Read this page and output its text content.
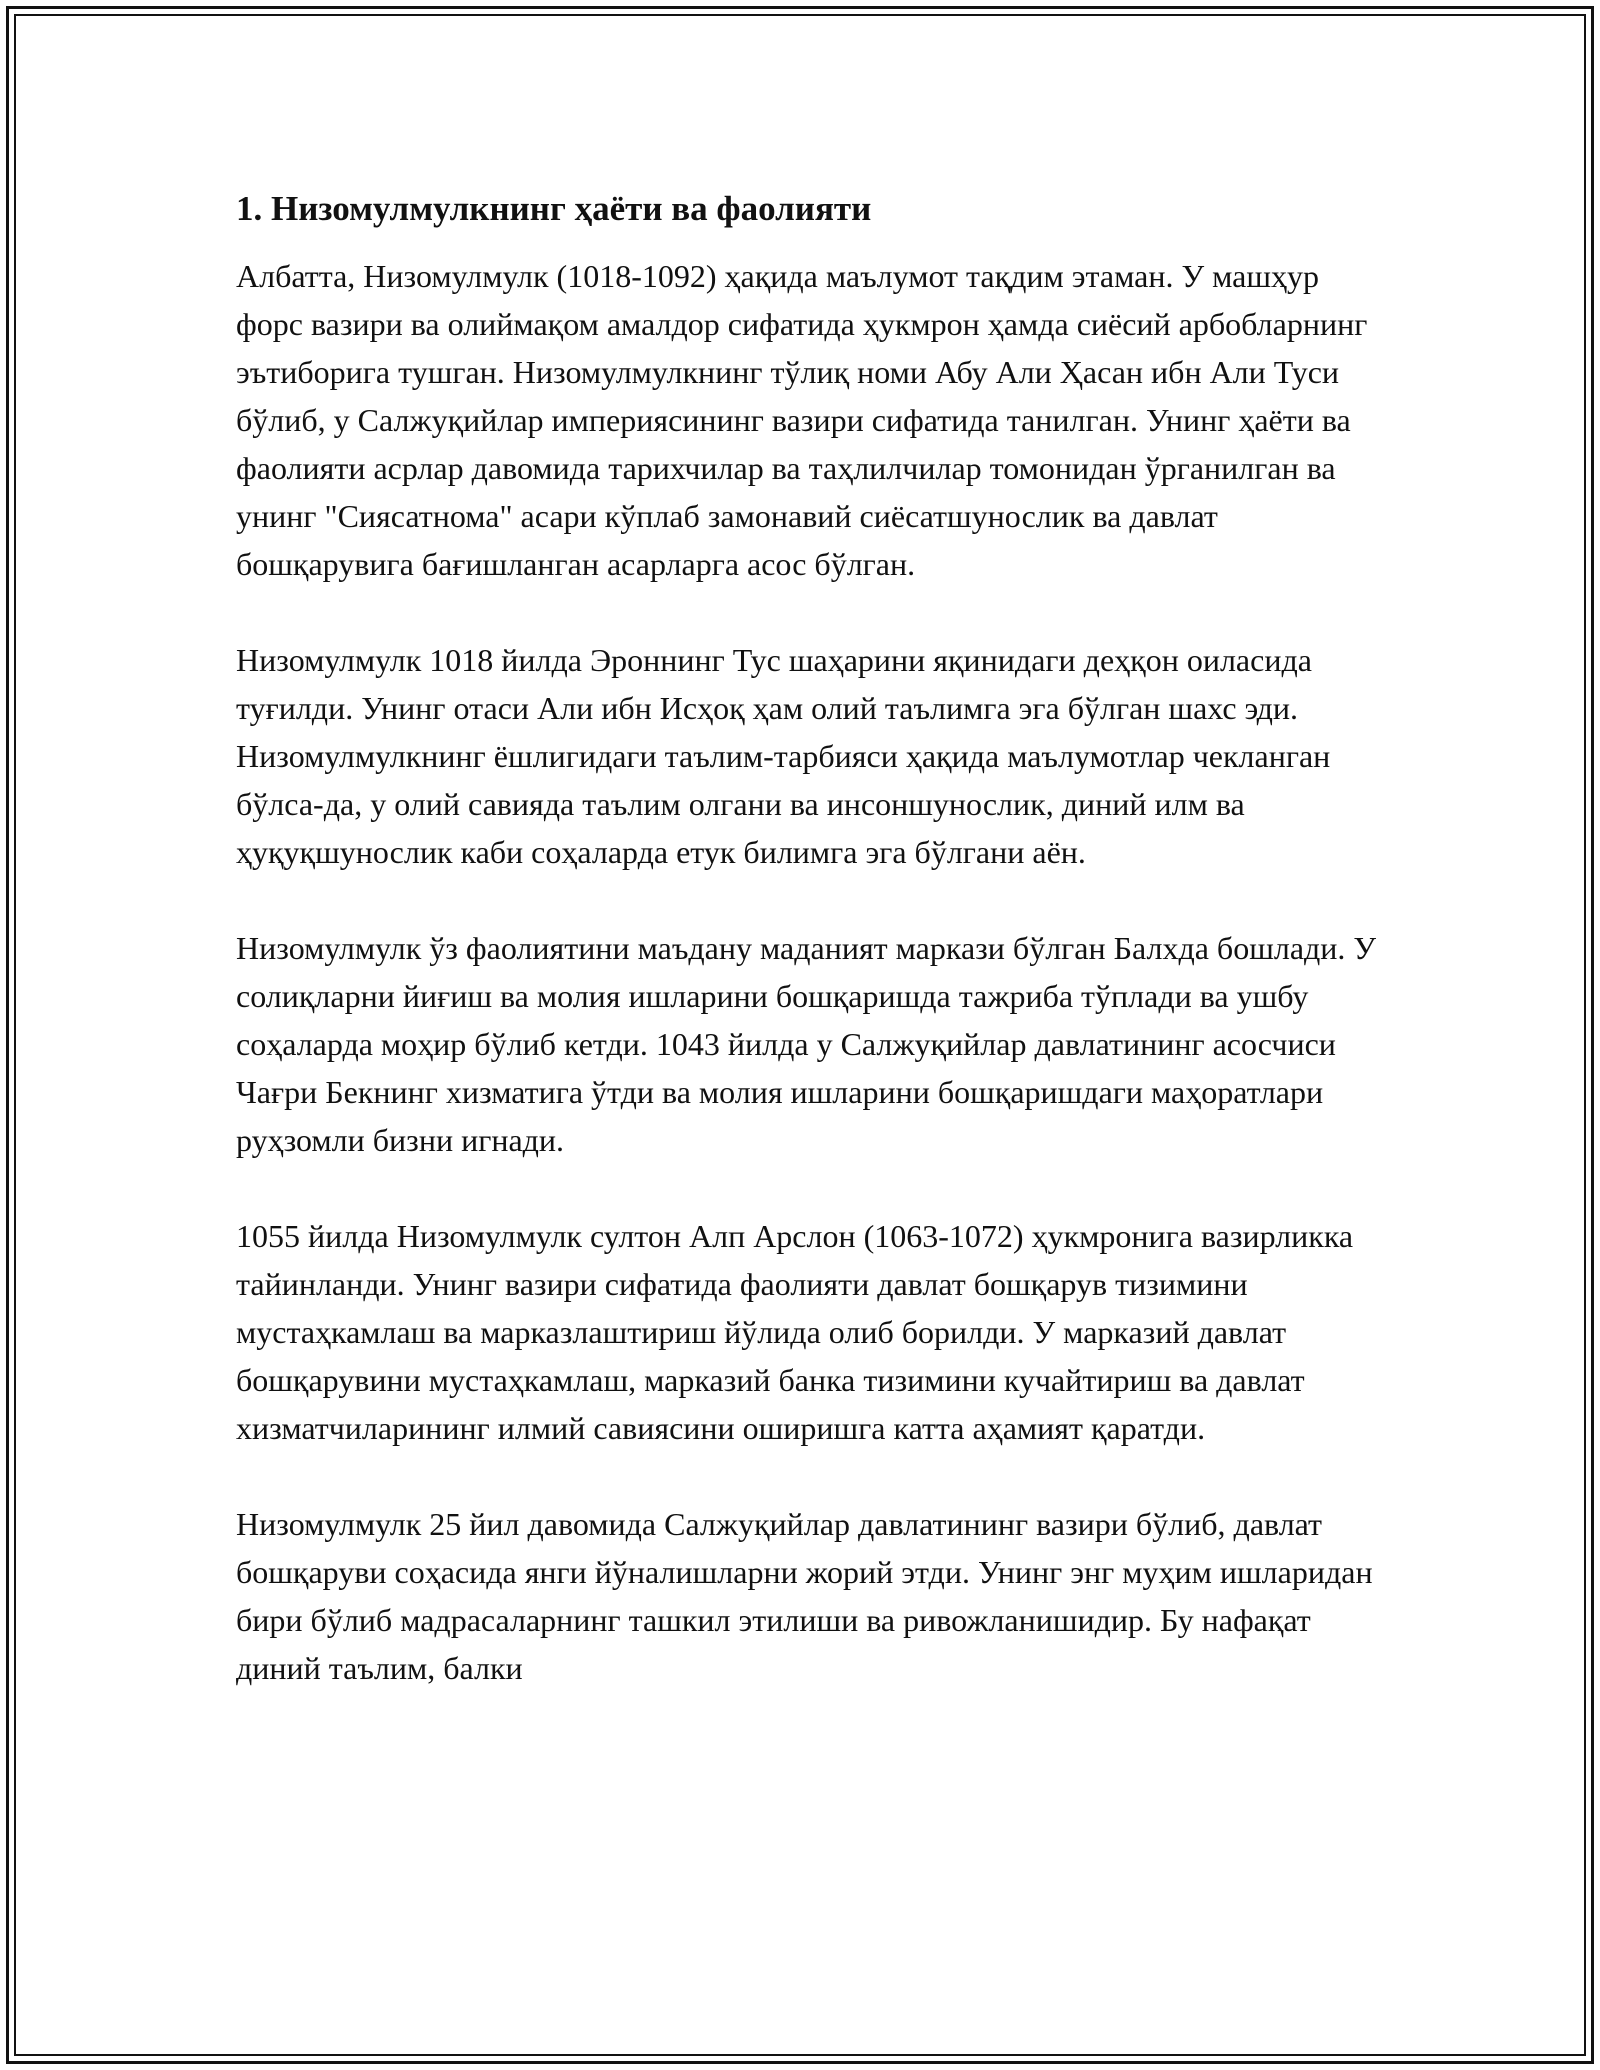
1. Низомулмулкнинг ҳаёти ва фаолияти

Албатта, Низомулмулк (1018-1092) ҳақида маълумот тақдим этаман. У машҳур форс вазири ва олиймақом амалдор сифатида ҳукмрон ҳамда сиёсий арбобларнинг эътиборига тушган. Низомулмулкнинг тўлиқ номи Абу Али Ҳасан ибн Али Туси бўлиб, у Салжуқийлар империясининг вазири сифатида танилган. Унинг ҳаёти ва фаолияти асрлар давомида тарихчилар ва таҳлилчилар томонидан ўрганилган ва унинг "Сиясатнома" асари кўплаб замонавий сиёсатшунослик ва давлат бошқарувига бағишланган асарларга асос бўлган.

Низомулмулк 1018 йилда Эроннинг Тус шаҳарини яқинидаги деҳқон оиласида туғилди. Унинг отаси Али ибн Исҳоқ ҳам олий таълимга эга бўлган шахс эди. Низомулмулкнинг ёшлигидаги таълим-тарбияси ҳақида маълумотлар чекланган бўлса-да, у олий савияда таълим олгани ва инсоншунослик, диний илм ва ҳуқуқшунослик каби соҳаларда етук билимга эга бўлгани аён.

Низомулмулк ўз фаолиятини маъдану маданият маркази бўлган Балхда бошлади. У солиқларни йиғиш ва молия ишларини бошқаришда тажриба тўплади ва ушбу соҳаларда моҳир бўлиб кетди. 1043 йилда у Салжуқийлар давлатининг асосчиси Чағри Бекнинг хизматига ўтди ва молия ишларини бошқаришдаги маҳоратлари руҳзомли бизни игнади.

1055 йилда Низомулмулк султон Алп Арслон (1063-1072) ҳукмронига вазирликка тайинланди. Унинг вазири сифатида фаолияти давлат бошқарув тизимини мустаҳкамлаш ва марказлаштириш йўлида олиб борилди. У марказий давлат бошқарувини мустаҳкамлаш, марказий банка тизимини кучайтириш ва давлат хизматчиларининг илмий савиясини оширишга катта аҳамият қаратди.

Низомулмулк 25 йил давомида Салжуқийлар давлатининг вазири бўлиб, давлат бошқаруви соҳасида янги йўналишларни жорий этди. Унинг энг муҳим ишларидан бири бўлиб мадрасаларнинг ташкил этилиши ва ривожланишидир. Бу нафақат диний таълим, балки
